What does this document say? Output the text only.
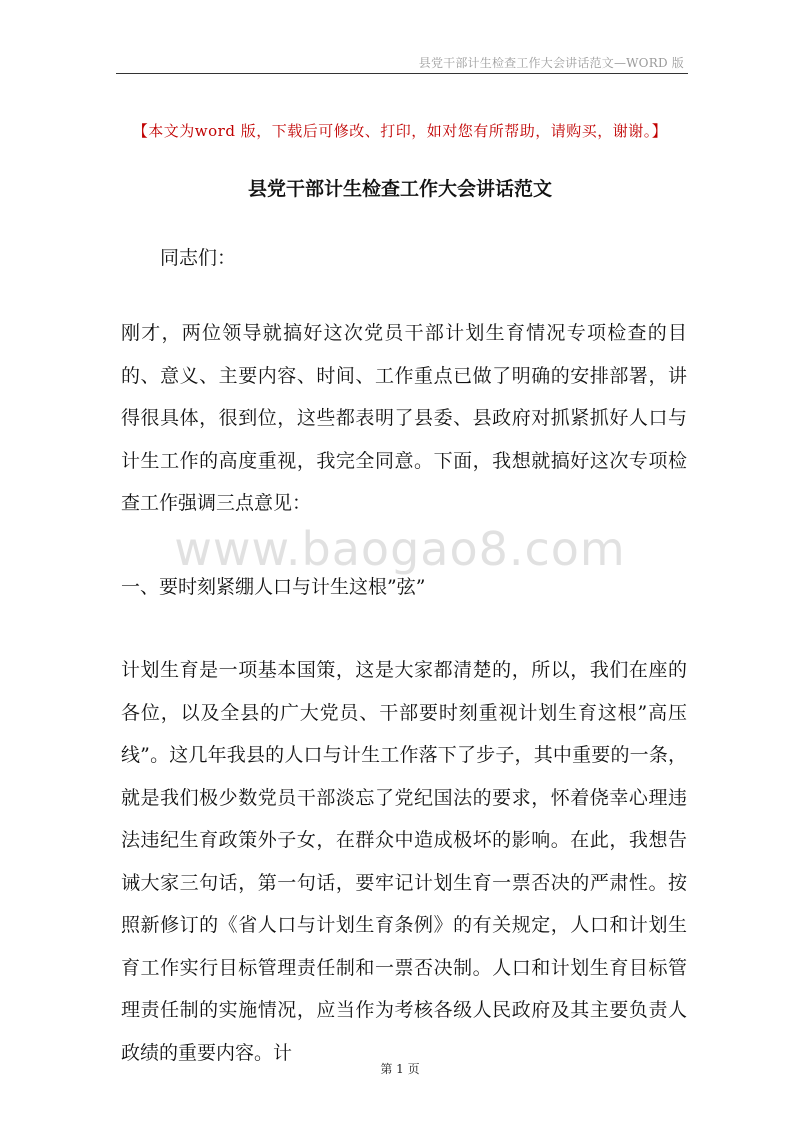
县党干部计生检查工作大会讲话范文—WORD 版
【本文为word 版，下载后可修改、打印，如对您有所帮助，请购买，谢谢。】
县党干部计生检查工作大会讲话范文
同志们：

刚才，两位领导就搞好这次党员干部计划生育情况专项检查的目的、意义、主要内容、时间、工作重点已做了明确的安排部署，讲得很具体，很到位，这些都表明了县委、县政府对抓紧抓好人口与计生工作的高度重视，我完全同意。下面，我想就搞好这次专项检查工作强调三点意见：

一、要时刻紧绷人口与计生这根”弦”
www.baogao8.com

计划生育是一项基本国策，这是大家都清楚的，所以，我们在座的各位，以及全县的广大党员、干部要时刻重视计划生育这根”高压线”。这几年我县的人口与计生工作落下了步子，其中重要的一条，就是我们极少数党员干部淡忘了党纪国法的要求，怀着侥幸心理违法违纪生育政策外子女，在群众中造成极坏的影响。在此，我想告诫大家三句话，第一句话，要牢记计划生育一票否决的严肃性。按照新修订的《省人口与计划生育条例》的有关规定，人口和计划生育工作实行目标管理责任制和一票否决制。人口和计划生育目标管理责任制的实施情况，应当作为考核各级人民政府及其主要负责人政绩的重要内容。计

第 1 页
